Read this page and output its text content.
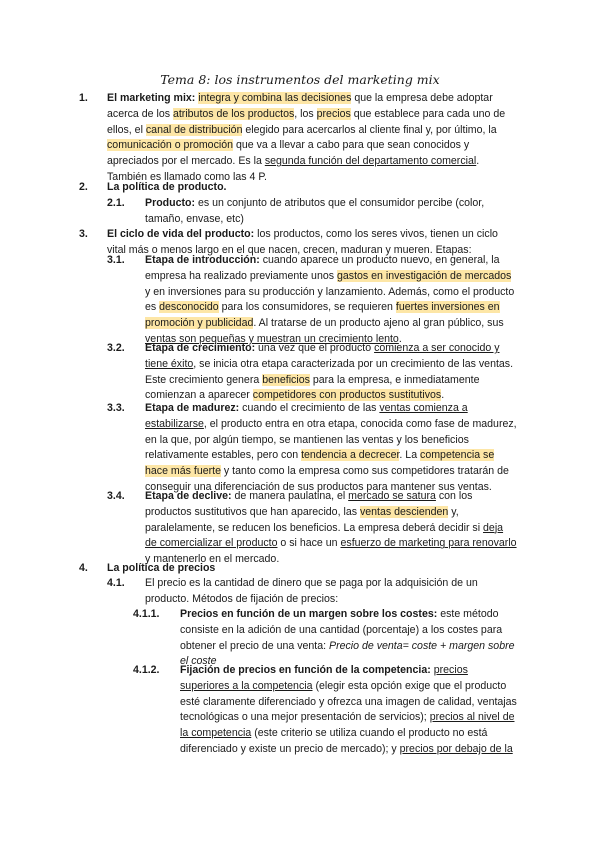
Tema 8: los instrumentos del marketing mix
1. El marketing mix: integra y combina las decisiones que la empresa debe adoptar acerca de los atributos de los productos, los precios que establece para cada uno de ellos, el canal de distribución elegido para acercarlos al cliente final y, por último, la comunicación o promoción que va a llevar a cabo para que sean conocidos y apreciados por el mercado. Es la segunda función del departamento comercial. También es llamado como las 4 P.
2. La política de producto.
2.1. Producto: es un conjunto de atributos que el consumidor percibe (color, tamaño, envase, etc)
3. El ciclo de vida del producto: los productos, como los seres vivos, tienen un ciclo vital más o menos largo en el que nacen, crecen, maduran y mueren. Etapas:
3.1. Etapa de introducción: cuando aparece un producto nuevo, en general, la empresa ha realizado previamente unos gastos en investigación de mercados y en inversiones para su producción y lanzamiento. Además, como el producto es desconocido para los consumidores, se requieren fuertes inversiones en promoción y publicidad. Al tratarse de un producto ajeno al gran público, sus ventas son pequeñas y muestran un crecimiento lento.
3.2. Etapa de crecimiento: una vez que el producto comienza a ser conocido y tiene éxito, se inicia otra etapa caracterizada por un crecimiento de las ventas. Este crecimiento genera beneficios para la empresa, e inmediatamente comienzan a aparecer competidores con productos sustitutivos.
3.3. Etapa de madurez: cuando el crecimiento de las ventas comienza a estabilizarse, el producto entra en otra etapa, conocida como fase de madurez, en la que, por algún tiempo, se mantienen las ventas y los beneficios relativamente estables, pero con tendencia a decrecer. La competencia se hace más fuerte y tanto como la empresa como sus competidores tratarán de conseguir una diferenciación de sus productos para mantener sus ventas.
3.4. Etapa de declive: de manera paulatina, el mercado se satura con los productos sustitutivos que han aparecido, las ventas descienden y, paralelamente, se reducen los beneficios. La empresa deberá decidir si deja de comercializar el producto o si hace un esfuerzo de marketing para renovarlo y mantenerlo en el mercado.
4. La política de precios
4.1. El precio es la cantidad de dinero que se paga por la adquisición de un producto. Métodos de fijación de precios:
4.1.1. Precios en función de un margen sobre los costes: este método consiste en la adición de una cantidad (porcentaje) a los costes para obtener el precio de una venta: Precio de venta= coste + margen sobre el coste
4.1.2. Fijación de precios en función de la competencia: precios superiores a la competencia (elegir esta opción exige que el producto esté claramente diferenciado y ofrezca una imagen de calidad, ventajas tecnológicas o una mejor presentación de servicios); precios al nivel de la competencia (este criterio se utiliza cuando el producto no está diferenciado y existe un precio de mercado); y precios por debajo de la
